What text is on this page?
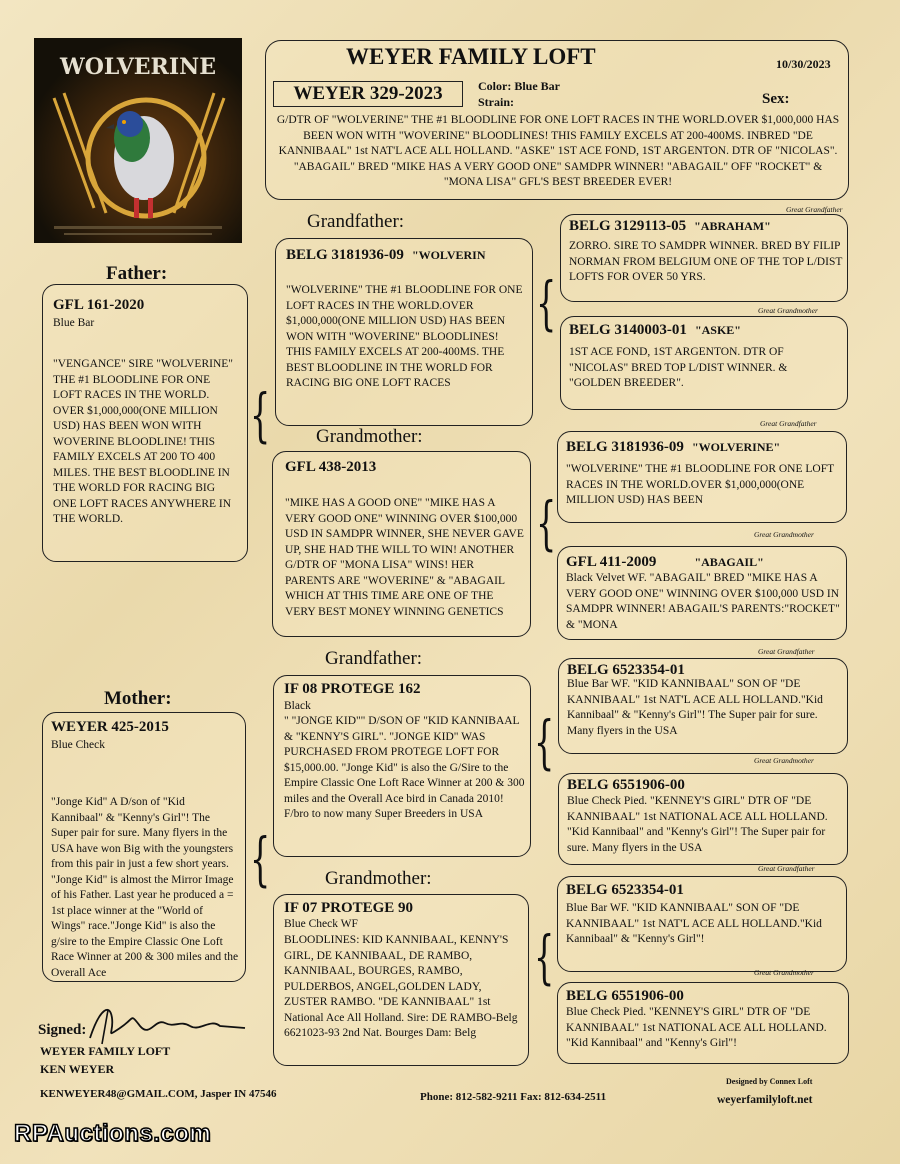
WOLVERINE	WEYER FAMILY LOFT	10/30/2023
WEYER 329-2023	Color: Blue Bar
Strain:	Sex:
G/DTR OF "WOLVERINE" THE #1 BLOODLINE FOR ONE LOFT RACES IN THE WORLD.OVER $1,000,000 HAS BEEN WON WITH "WOVERINE" BLOODLINES! THIS FAMILY EXCELS AT 200-400MS. INBRED "DE KANNIBAAL" 1st NAT'L ACE ALL HOLLAND. "ASKE" 1ST ACE FOND, 1ST ARGENTON. DTR OF "NICOLAS". "ABAGAIL" BRED "MIKE HAS A VERY GOOD ONE" SAMDPR WINNER! "ABAGAIL" OFF "ROCKET" & "MONA LISA" GFL'S BEST BREEDER EVER!
Father:
GFL 161-2020
Blue Bar
"VENGANCE" SIRE "WOLVERINE" THE #1 BLOODLINE FOR ONE LOFT RACES IN THE WORLD. OVER $1,000,000(ONE MILLION USD) HAS BEEN WON WITH WOVERINE BLOODLINE! THIS FAMILY EXCELS AT 200 TO 400 MILES. THE BEST BLOODLINE IN THE WORLD FOR RACING BIG ONE LOFT RACES ANYWHERE IN THE WORLD.
Mother:
WEYER 425-2015
Blue Check
"Jonge Kid" A D/son of "Kid Kannibaal" & "Kenny's Girl"! The Super pair for sure. Many flyers in the USA have won Big with the youngsters from this pair in just a few short years. "Jonge Kid" is almost the Mirror Image of his Father. Last year he produced a = 1st place winner at the "World of Wings" race."Jonge Kid" is also the g/sire to the Empire Classic One Loft Race Winner at 200 & 300 miles and the Overall Ace
Grandfather:
BELG 3181936-09 "WOLVERIN
"WOLVERINE" THE #1 BLOODLINE FOR ONE LOFT RACES IN THE WORLD.OVER $1,000,000(ONE MILLION USD) HAS BEEN WON WITH "WOVERINE" BLOODLINES! THIS FAMILY EXCELS AT 200-400MS. THE BEST BLOODLINE IN THE WORLD FOR RACING BIG ONE LOFT RACES
Grandmother:
GFL 438-2013
"MIKE HAS A GOOD ONE" "MIKE HAS A VERY GOOD ONE" WINNING OVER $100,000 USD IN SAMDPR WINNER, SHE NEVER GAVE UP, SHE HAD THE WILL TO WIN! ANOTHER G/DTR OF "MONA LISA" WINS! HER PARENTS ARE "WOVERINE" & "ABAGAIL WHICH AT THIS TIME ARE ONE OF THE VERY BEST MONEY WINNING GENETICS
Grandfather:
IF 08 PROTEGE 162
Black
" "JONGE KID"" D/SON OF "KID KANNIBAAL & "KENNY'S GIRL". "JONGE KID" WAS PURCHASED FROM PROTEGE LOFT FOR $15,000.00. "Jonge Kid" is also the G/Sire to the Empire Classic One Loft Race Winner at 200 & 300 miles and the Overall Ace bird in Canada 2010! F/bro to now many Super Breeders in USA
Grandmother:
IF 07 PROTEGE 90
Blue Check WF
BLOODLINES: KID KANNIBAAL, KENNY'S GIRL, DE KANNIBAAL, DE RAMBO, KANNIBAAL, BOURGES, RAMBO, PULDERBOS, ANGEL,GOLDEN LADY, ZUSTER RAMBO. "DE KANNIBAAL" 1st National Ace All Holland. Sire: DE RAMBO-Belg 6621023-93 2nd Nat. Bourges Dam: Belg
{
{
{
{
{
{
Great Grandfather
BELG 3129113-05 "ABRAHAM"
ZORRO. SIRE TO SAMDPR WINNER. BRED BY FILIP NORMAN FROM BELGIUM ONE OF THE TOP L/DIST LOFTS FOR OVER 50 YRS.
Great Grandmother
BELG 3140003-01 "ASKE"
1ST ACE FOND, 1ST ARGENTON. DTR OF "NICOLAS" BRED TOP L/DIST WINNER. & "GOLDEN BREEDER".
Great Grandfather
BELG 3181936-09 "WOLVERINE"
"WOLVERINE" THE #1 BLOODLINE FOR ONE LOFT RACES IN THE WORLD.OVER $1,000,000(ONE MILLION USD) HAS BEEN
Great Grandmother
GFL 411-2009	"ABAGAIL"
Black Velvet WF. "ABAGAIL" BRED "MIKE HAS A VERY GOOD ONE" WINNING OVER $100,000 USD IN SAMDPR WINNER! ABAGAIL'S PARENTS:"ROCKET" & "MONA
Great Grandfather
BELG 6523354-01
Blue Bar WF. "KID KANNIBAAL" SON OF "DE KANNIBAAL" 1st NAT'L ACE ALL HOLLAND."Kid Kannibaal" & "Kenny's Girl"! The Super pair for sure. Many flyers in the USA
Great Grandmother
BELG 6551906-00
Blue Check Pied. "KENNEY'S GIRL" DTR OF "DE KANNIBAAL" 1st NATIONAL ACE ALL HOLLAND. "Kid Kannibaal" and "Kenny's Girl"! The Super pair for sure. Many flyers in the USA
Great Grandfather
BELG 6523354-01
Blue Bar WF. "KID KANNIBAAL" SON OF "DE KANNIBAAL" 1st NAT'L ACE ALL HOLLAND."Kid Kannibaal" & "Kenny's Girl"!
Great Grandmother
BELG 6551906-00
Blue Check Pied. "KENNEY'S GIRL" DTR OF "DE KANNIBAAL" 1st NATIONAL ACE ALL HOLLAND. "Kid Kannibaal" and "Kenny's Girl"!
Signed:
WEYER FAMILY LOFT
KEN WEYER
KENWEYER48@GMAIL.COM, Jasper IN 47546	Phone: 812-582-9211 Fax: 812-634-2511
Designed by Connex Loft
weyerfamilyloft.net
RPAuctions.com
